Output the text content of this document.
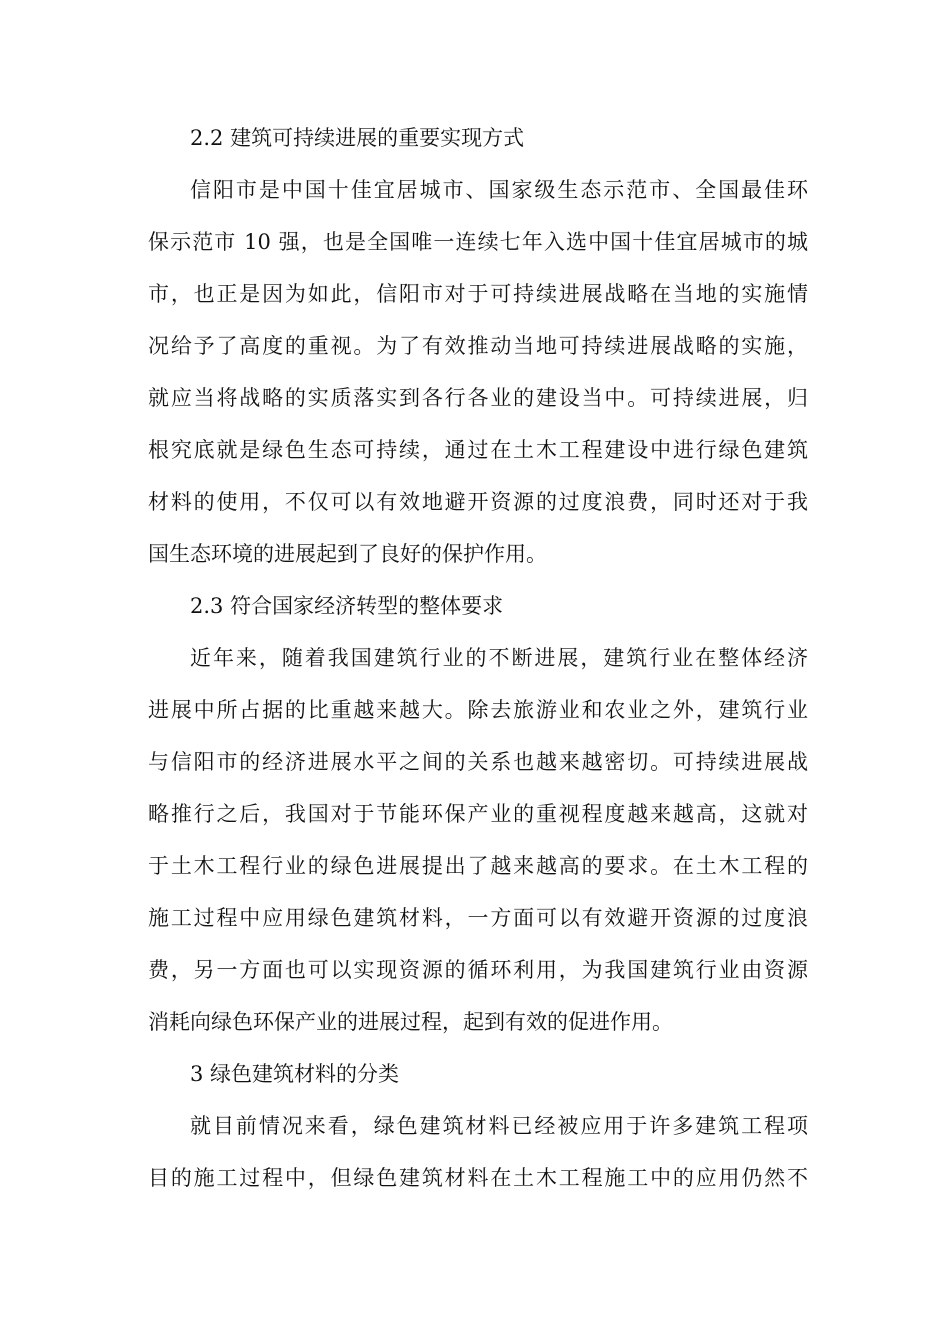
2.2 建筑可持续进展的重要实现方式

信阳市是中国十佳宜居城市、国家级生态示范市、全国最佳环
保示范市 10 强，也是全国唯一连续七年入选中国十佳宜居城市的城
市，也正是因为如此，信阳市对于可持续进展战略在当地的实施情
况给予了高度的重视。为了有效推动当地可持续进展战略的实施，
就应当将战略的实质落实到各行各业的建设当中。可持续进展，归
根究底就是绿色生态可持续，通过在土木工程建设中进行绿色建筑
材料的使用，不仅可以有效地避开资源的过度浪费，同时还对于我
国生态环境的进展起到了良好的保护作用。

2.3 符合国家经济转型的整体要求

近年来，随着我国建筑行业的不断进展，建筑行业在整体经济
进展中所占据的比重越来越大。除去旅游业和农业之外，建筑行业
与信阳市的经济进展水平之间的关系也越来越密切。可持续进展战
略推行之后，我国对于节能环保产业的重视程度越来越高，这就对
于土木工程行业的绿色进展提出了越来越高的要求。在土木工程的
施工过程中应用绿色建筑材料，一方面可以有效避开资源的过度浪
费，另一方面也可以实现资源的循环利用，为我国建筑行业由资源
消耗向绿色环保产业的进展过程，起到有效的促进作用。

3 绿色建筑材料的分类

就目前情况来看，绿色建筑材料已经被应用于许多建筑工程项
目的施工过程中，但绿色建筑材料在土木工程施工中的应用仍然不
